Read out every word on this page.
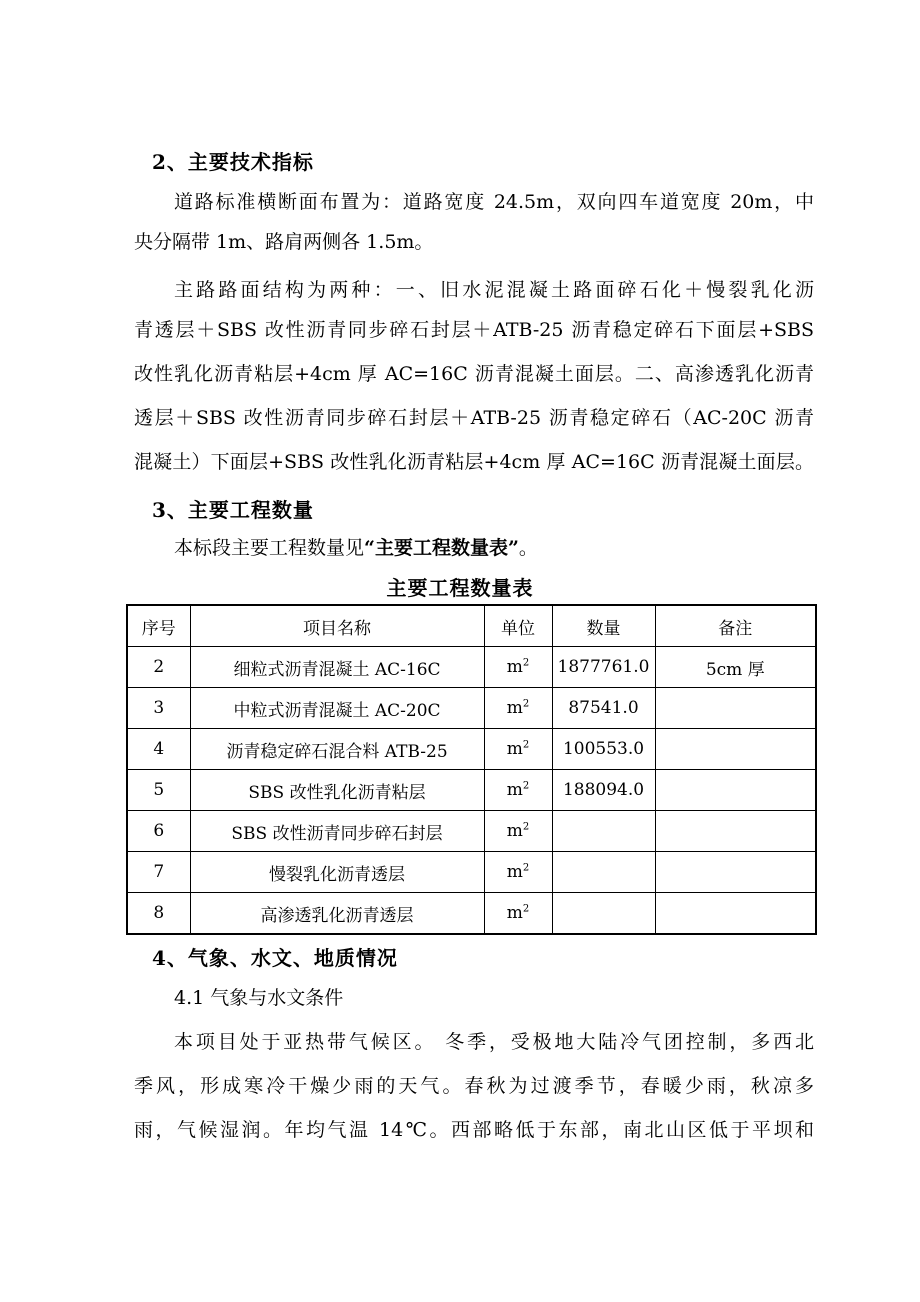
2、主要技术指标
道路标准横断面布置为：道路宽度 24.5m，双向四车道宽度 20m，中
央分隔带 1m、路肩两侧各 1.5m。
主路路面结构为两种：一、旧水泥混凝土路面碎石化＋慢裂乳化沥
青透层＋SBS 改性沥青同步碎石封层＋ATB-25 沥青稳定碎石下面层+SBS
改性乳化沥青粘层+4cm 厚 AC=16C 沥青混凝土面层。二、高渗透乳化沥青
透层＋SBS 改性沥青同步碎石封层＋ATB-25 沥青稳定碎石（AC-20C 沥青
混凝土）下面层+SBS 改性乳化沥青粘层+4cm 厚 AC=16C 沥青混凝土面层。
3、主要工程数量
本标段主要工程数量见“主要工程数量表”。
主要工程数量表
序号	项目名称	单位	数量	备注
2	细粒式沥青混凝土 AC-16C	$m^2$	1877761.0	5cm 厚
3	中粒式沥青混凝土 AC-20C	$m^2$	87541.0	
4	沥青稳定碎石混合料 ATB-25	$m^2$	100553.0	
5	SBS 改性乳化沥青粘层	$m^2$	188094.0	
6	SBS 改性沥青同步碎石封层	$m^2$		
7	慢裂乳化沥青透层	$m^2$		
8	高渗透乳化沥青透层	$m^2$		
4、气象、水文、地质情况
4.1 气象与水文条件
本项目处于亚热带气候区。 冬季，受极地大陆冷气团控制，多西北
季风，形成寒冷干燥少雨的天气。春秋为过渡季节，春暖少雨，秋凉多
雨，气候湿润。年均气温 14℃。西部略低于东部，南北山区低于平坝和
